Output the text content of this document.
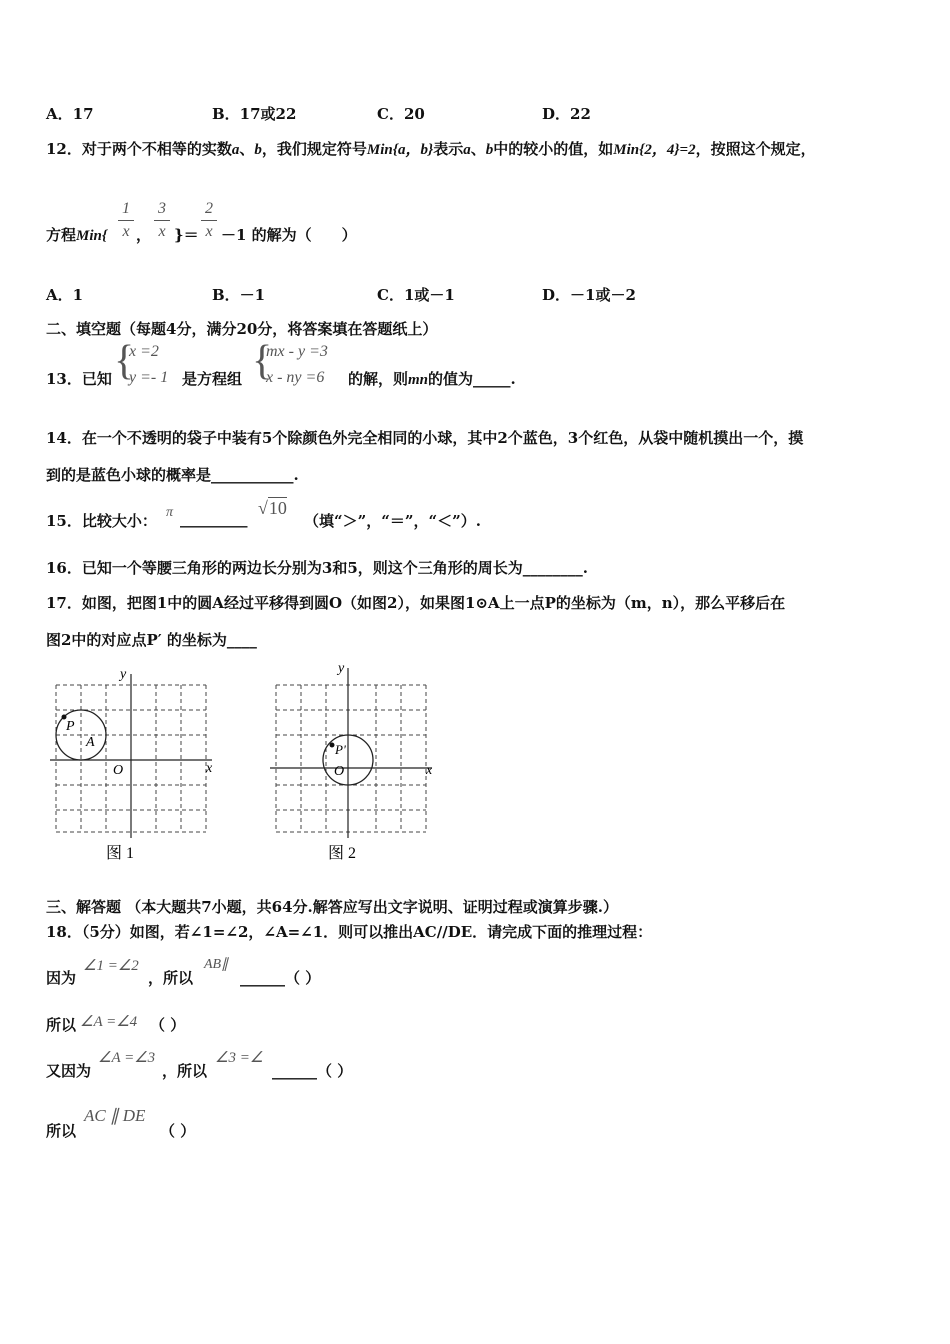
A．17	B．17或22	C．20	D．22
12．对于两个不相等的实数a、b，我们规定符号Min{a，b}表示a、b中的较小的值，如Min{2，4}=2，按照这个规定，
方程Min{
1
x ，
3
x }＝
2
x －1 的解为（　　）
A．1	B．－1	C．1或－1	D．－1或－2
二、填空题（每题4分，满分20分，将答案填在答题纸上）
13．已知 {
x =2
y =- 1 是方程组 {
mx - y =3
x - ny =6 的解，则mn的值为_____.
14．在一个不透明的袋子中装有5个除颜色外完全相同的小球，其中2个蓝色，3个红色，从袋中随机摸出一个，摸
到的是蓝色小球的概率是___________.
15．比较大小： π _________
√10
（填“＞”，“＝”，“＜”）.
16．已知一个等腰三角形的两边长分别为3和5，则这个三角形的周长为________.
17．如图，把图1中的圆A经过平移得到圆O（如图2），如果图1⊙A上一点P的坐标为（m，n），那么平移后在
图2中的对应点P′ 的坐标为____
x
y
O
P
A
图 1
x
y
O
P'
图 2
三、解答题 （本大题共7小题，共64分.解答应写出文字说明、证明过程或演算步骤.）
18．（5分）如图，若∠1=∠2，∠A=∠1．则可以推出AC//DE．请完成下面的推理过程：
因为
∠1 =∠2
，所以
AB∥
______（ ）
所以 ∠A =∠4 （ ）
又因为
∠A =∠3
，所以
∠3 =∠
______（ ）
所以
AC ∥ DE
（ ）
